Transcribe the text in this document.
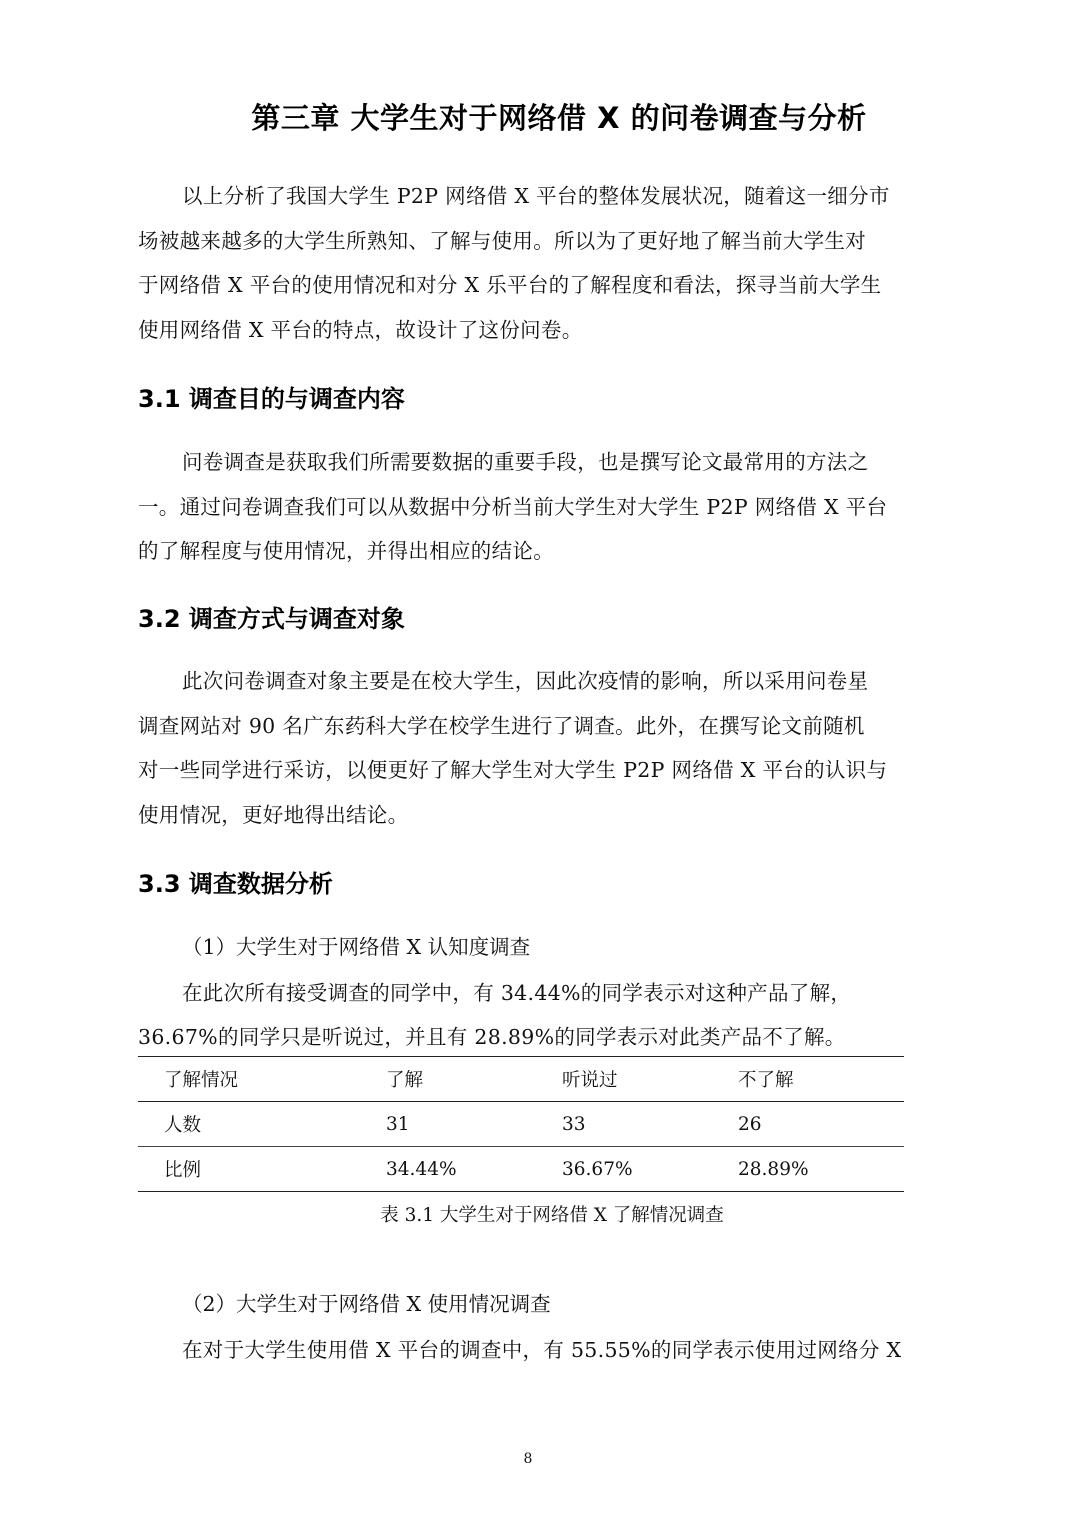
第三章 大学生对于网络借 X 的问卷调查与分析

以上分析了我国大学生 P2P 网络借 X 平台的整体发展状况，随着这一细分市
场被越来越多的大学生所熟知、了解与使用。所以为了更好地了解当前大学生对
于网络借 X 平台的使用情况和对分 X 乐平台的了解程度和看法，探寻当前大学生
使用网络借 X 平台的特点，故设计了这份问卷。

3.1 调查目的与调查内容

问卷调查是获取我们所需要数据的重要手段，也是撰写论文最常用的方法之
一。通过问卷调查我们可以从数据中分析当前大学生对大学生 P2P 网络借 X 平台
的了解程度与使用情况，并得出相应的结论。

3.2 调查方式与调查对象

此次问卷调查对象主要是在校大学生，因此次疫情的影响，所以采用问卷星
调查网站对 90 名广东药科大学在校学生进行了调查。此外，在撰写论文前随机
对一些同学进行采访，以便更好了解大学生对大学生 P2P 网络借 X 平台的认识与
使用情况，更好地得出结论。

3.3 调查数据分析

（1）大学生对于网络借 X 认知度调查

在此次所有接受调查的同学中，有 34.44%的同学表示对这种产品了解，

36.67%的同学只是听说过，并且有 28.89%的同学表示对此类产品不了解。

了解情况	了解	听说过	不了解
人数	31	33	26
比例	34.44%	36.67%	28.89%
表 3.1 大学生对于网络借 X 了解情况调查

（2）大学生对于网络借 X 使用情况调查

在对于大学生使用借 X 平台的调查中，有 55.55%的同学表示使用过网络分 X

8
